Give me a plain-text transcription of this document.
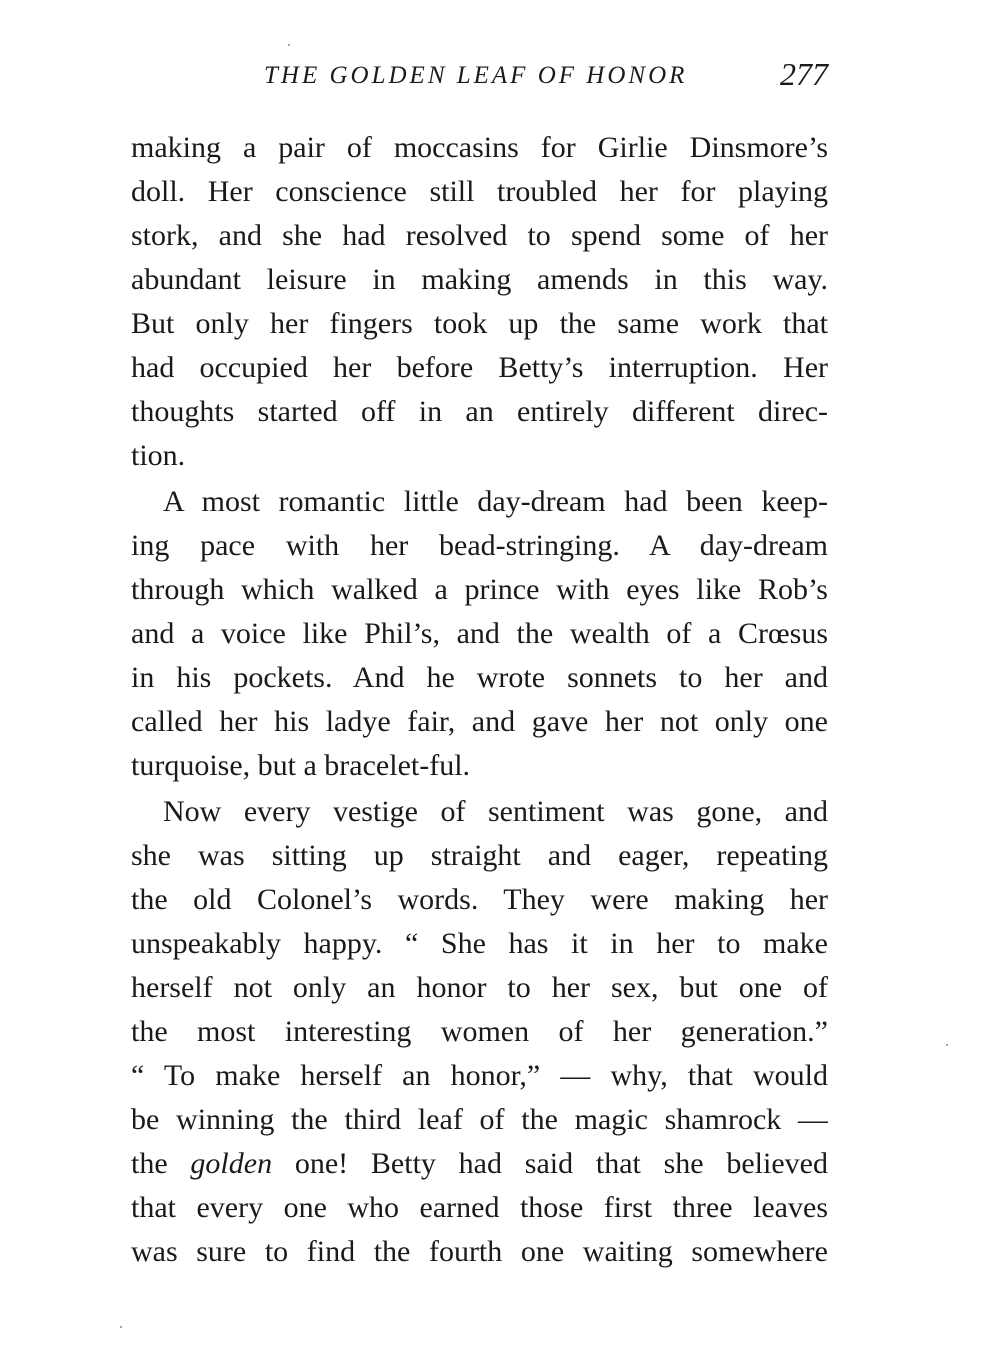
THE GOLDEN LEAF OF HONOR	277
making a pair of moccasins for Girlie Dinsmore’s
doll. Her conscience still troubled her for playing
stork, and she had resolved to spend some of her
abundant leisure in making amends in this way.
But only her fingers took up the same work that
had occupied her before Betty’s interruption. Her
thoughts started off in an entirely different direc-
tion.
A most romantic little day-dream had been keep-
ing pace with her bead-stringing. A day-dream
through which walked a prince with eyes like Rob’s
and a voice like Phil’s, and the wealth of a Crœsus
in his pockets. And he wrote sonnets to her and
called her his ladye fair, and gave her not only one
turquoise, but a bracelet-ful.
Now every vestige of sentiment was gone, and
she was sitting up straight and eager, repeating
the old Colonel’s words. They were making her
unspeakably happy. “ She has it in her to make
herself not only an honor to her sex, but one of
the most interesting women of her generation.”
“ To make herself an honor,” — why, that would
be winning the third leaf of the magic shamrock —
the golden one! Betty had said that she believed
that every one who earned those first three leaves
was sure to find the fourth one waiting somewhere
